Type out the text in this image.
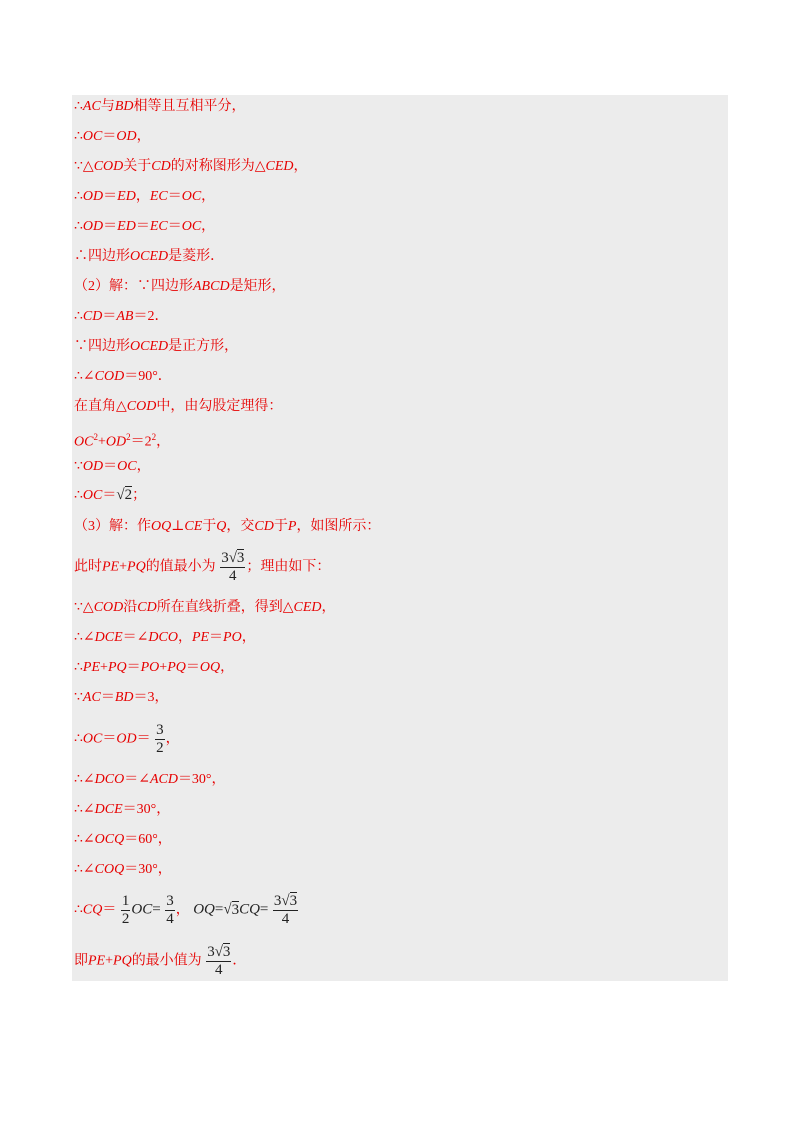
∴AC与BD相等且互相平分，
∴OC＝OD，
∵△COD关于CD的对称图形为△CED，
∴OD＝ED，EC＝OC，
∴OD＝ED＝EC＝OC，
∴四边形OCED是菱形．
（2）解：∵四边形ABCD是矩形，
∴CD＝AB＝2．
∵四边形OCED是正方形，
∴∠COD＝90°．
在直角△COD中，由勾股定理得：
$OC^2+OD^2=2^2$，
∵OD＝OC，
∴OC＝√2；
（3）解：作OQ⊥CE于Q，交CD于P，如图所示：
此时PE+PQ的值最小为 $\frac{3√3}{4}$ ；理由如下：
∵△COD沿CD所在直线折叠，得到△CED，
∴∠DCE＝∠DCO，PE＝PO，
∴PE+PQ＝PO+PQ＝OQ，
∵AC＝BD＝3，
∴OC＝OD＝ $\frac{3}{2}$ ，
∴∠DCO＝∠ACD＝30°，
∴∠DCE＝30°，
∴∠OCQ＝60°，
∴∠COQ＝30°，
∴CQ＝ $\frac{1}{2} OC= \frac{3}{4}$ ， $OQ=√3CQ= \frac{3√3}{4}$
即PE+PQ的最小值为 $\frac{3√3}{4}$ ．
